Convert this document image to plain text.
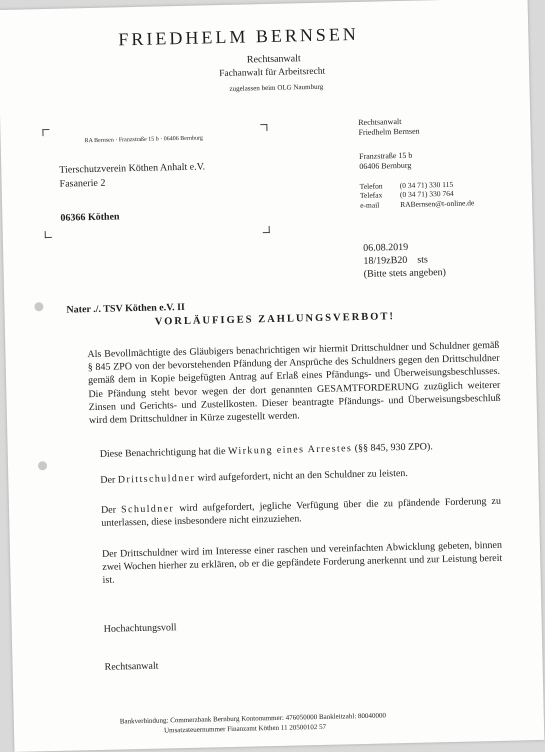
FRIEDHELM BERNSEN
Rechtsanwalt
Fachanwalt für Arbeitsrecht
zugelassen beim OLG Naumburg
RA Bernsen · Franzstraße 15 b · 06406 Bernburg
Tierschutzverein Köthen Anhalt e.V.
Fasanerie 2
06366 Köthen
Rechtsanwalt
Friedhelm Bernsen
Franzstraße 15 b
06406 Bernburg
Telefon	(0 34 71) 330 115
Telefax	(0 34 71) 330 764
e-mail	RABernsen@t-online.de
06.08.2019
18/19zB20 sts
(Bitte stets angeben)
Nater ./. TSV Köthen e.V. II
VORLÄUFIGES ZAHLUNGSVERBOT!
Als Bevollmächtigte des Gläubigers benachrichtigen wir hiermit Drittschuldner und Schuldner gemäß § 845 ZPO von der bevorstehenden Pfändung der Ansprüche des Schuldners gegen den Drittschuldner gemäß dem in Kopie beigefügten Antrag auf Erlaß eines Pfändungs- und Überweisungsbeschlusses. Die Pfändung steht bevor wegen der dort genannten GESAMTFORDERUNG zuzüglich weiterer Zinsen und Gerichts- und Zustellkosten. Dieser beantragte Pfändungs- und Überweisungsbeschluß wird dem Drittschuldner in Kürze zugestellt werden.
Diese Benachrichtigung hat die Wirkung eines Arrestes (§§ 845, 930 ZPO).
Der Drittschuldner wird aufgefordert, nicht an den Schuldner zu leisten.
Der Schuldner wird aufgefordert, jegliche Verfügung über die zu pfändende Forderung zu unterlassen, diese insbesondere nicht einzuziehen.
Der Drittschuldner wird im Interesse einer raschen und vereinfachten Abwicklung gebeten, binnen zwei Wochen hierher zu erklären, ob er die gepfändete Forderung anerkennt und zur Leistung bereit ist.
Hochachtungsvoll
Rechtsanwalt
Bankverbindung: Commerzbank Bernburg Kontonummer: 476050000 Bankleitzahl: 80040000
Umsatzsteuernummer Finanzamt Köthen 11 20500102 57
